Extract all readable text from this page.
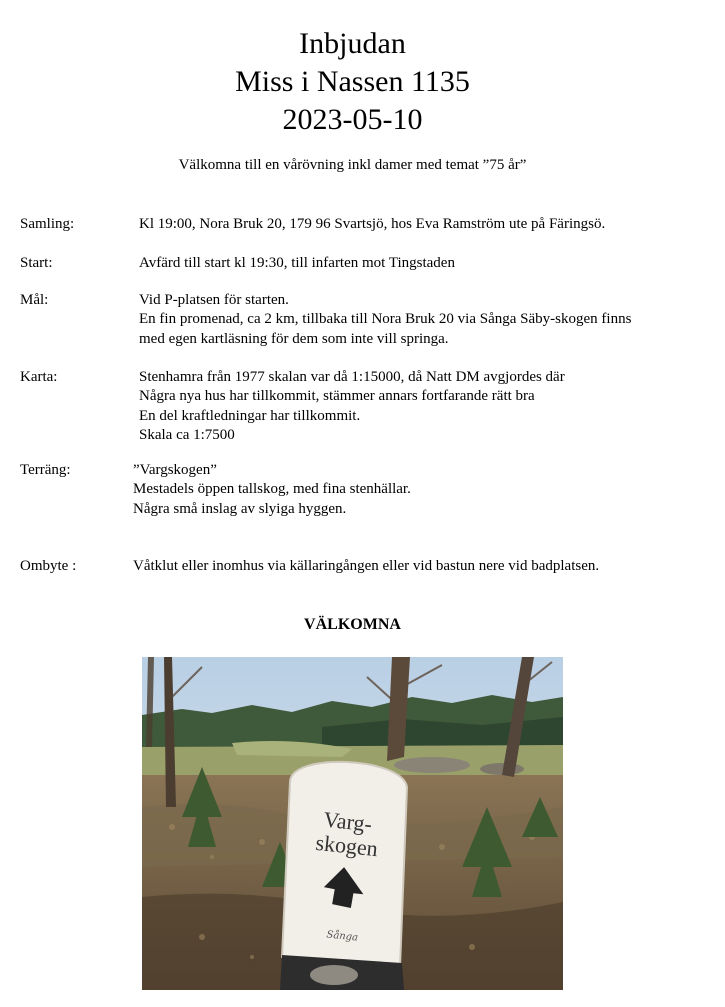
Inbjudan
Miss i Nassen 1135
2023-05-10
Välkomna till en vårövning inkl damer med temat ”75 år”
Samling:	Kl 19:00, Nora Bruk 20, 179 96 Svartsjö, hos Eva Ramström ute på Färingsö.
Start:	Avfärd till start kl 19:30, till infarten mot Tingstaden
Mål:	Vid P-platsen för starten.
En fin promenad, ca 2 km, tillbaka till Nora Bruk 20 via Sånga Säby-skogen finns
med egen kartläsning för dem som inte vill springa.
Karta:	Stenhamra från 1977 skalan var då 1:15000, då Natt DM avgjordes där
Några nya hus har tillkommit, stämmer annars fortfarande rätt bra
En del kraftledningar har tillkommit.
Skala ca 1:7500
Terräng:	”Vargskogen”
Mestadels öppen tallskog, med fina stenhällar.
Några små inslag av slyiga hyggen.
Ombyte :	Våtklut eller inomhus via källaringången eller vid bastun nere vid badplatsen.
VÄLKOMNA
Varg-
skogen
Sånga
